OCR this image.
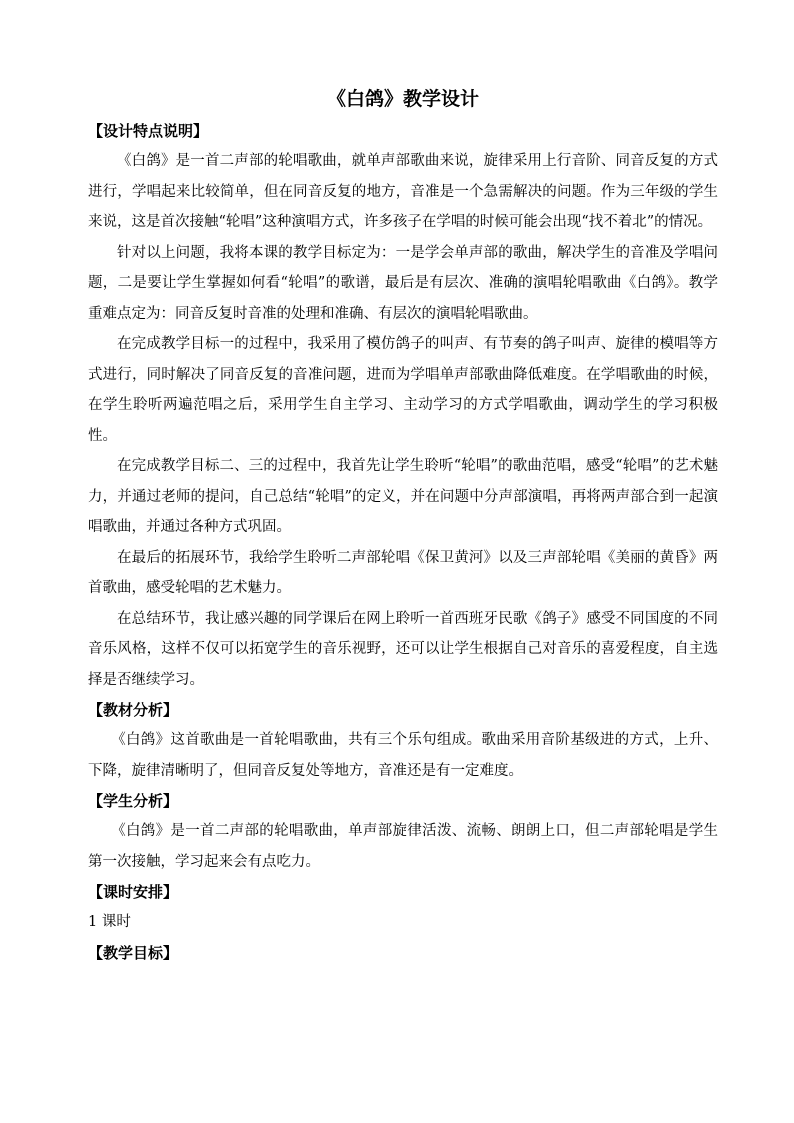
《白鸽》教学设计

【设计特点说明】

《白鸽》是一首二声部的轮唱歌曲，就单声部歌曲来说，旋律采用上行音阶、同音反复的方式进行，学唱起来比较简单，但在同音反复的地方，音准是一个急需解决的问题。作为三年级的学生来说，这是首次接触“轮唱”这种演唱方式，许多孩子在学唱的时候可能会出现“找不着北”的情况。

针对以上问题，我将本课的教学目标定为：一是学会单声部的歌曲，解决学生的音准及学唱问题，二是要让学生掌握如何看“轮唱”的歌谱，最后是有层次、准确的演唱轮唱歌曲《白鸽》。教学重难点定为：同音反复时音准的处理和准确、有层次的演唱轮唱歌曲。

在完成教学目标一的过程中，我采用了模仿鸽子的叫声、有节奏的鸽子叫声、旋律的模唱等方式进行，同时解决了同音反复的音准问题，进而为学唱单声部歌曲降低难度。在学唱歌曲的时候，在学生聆听两遍范唱之后，采用学生自主学习、主动学习的方式学唱歌曲，调动学生的学习积极性。

在完成教学目标二、三的过程中，我首先让学生聆听“轮唱”的歌曲范唱，感受“轮唱”的艺术魅力，并通过老师的提问，自己总结“轮唱”的定义，并在问题中分声部演唱，再将两声部合到一起演唱歌曲，并通过各种方式巩固。

在最后的拓展环节，我给学生聆听二声部轮唱《保卫黄河》以及三声部轮唱《美丽的黄昏》两首歌曲，感受轮唱的艺术魅力。

在总结环节，我让感兴趣的同学课后在网上聆听一首西班牙民歌《鸽子》感受不同国度的不同音乐风格，这样不仅可以拓宽学生的音乐视野，还可以让学生根据自己对音乐的喜爱程度，自主选择是否继续学习。

【教材分析】

《白鸽》这首歌曲是一首轮唱歌曲，共有三个乐句组成。歌曲采用音阶基级进的方式，上升、下降，旋律清晰明了，但同音反复处等地方，音准还是有一定难度。

【学生分析】

《白鸽》是一首二声部的轮唱歌曲，单声部旋律活泼、流畅、朗朗上口，但二声部轮唱是学生第一次接触，学习起来会有点吃力。

【课时安排】

1 课时

【教学目标】
